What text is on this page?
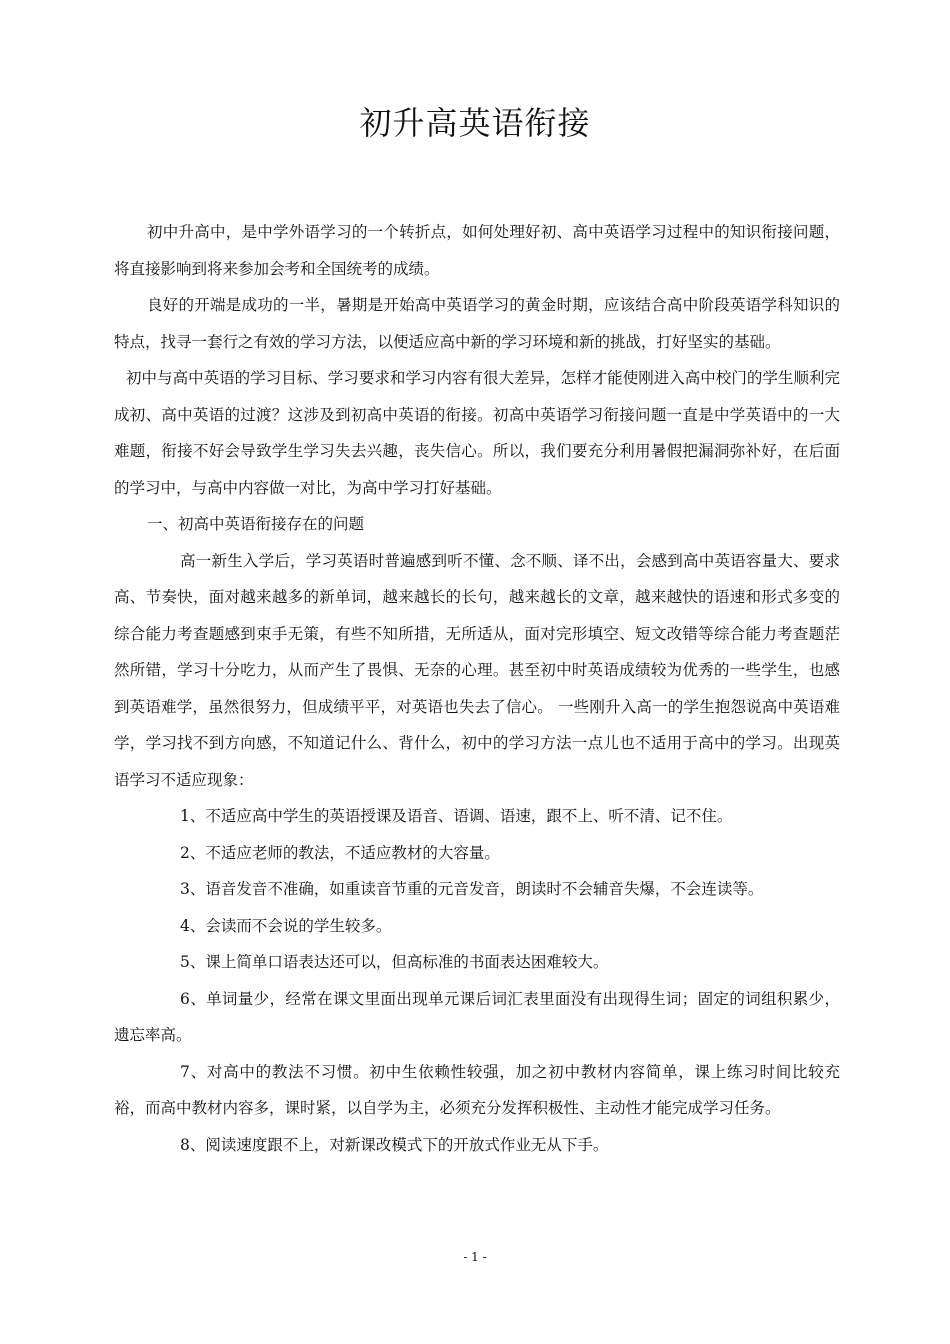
初升高英语衔接

初中升高中，是中学外语学习的一个转折点，如何处理好初、高中英语学习过程中的知识衔接问题，将直接影响到将来参加会考和全国统考的成绩。

良好的开端是成功的一半，暑期是开始高中英语学习的黄金时期，应该结合高中阶段英语学科知识的特点，找寻一套行之有效的学习方法，以便适应高中新的学习环境和新的挑战，打好坚实的基础。

初中与高中英语的学习目标、学习要求和学习内容有很大差异，怎样才能使刚进入高中校门的学生顺利完成初、高中英语的过渡？这涉及到初高中英语的衔接。初高中英语学习衔接问题一直是中学英语中的一大难题，衔接不好会导致学生学习失去兴趣，丧失信心。所以，我们要充分利用暑假把漏洞弥补好，在后面的学习中，与高中内容做一对比，为高中学习打好基础。

一、初高中英语衔接存在的问题

高一新生入学后，学习英语时普遍感到听不懂、念不顺、译不出，会感到高中英语容量大、要求高、节奏快，面对越来越多的新单词，越来越长的长句，越来越长的文章，越来越快的语速和形式多变的综合能力考查题感到束手无策，有些不知所措，无所适从，面对完形填空、短文改错等综合能力考查题茫然所错，学习十分吃力，从而产生了畏惧、无奈的心理。甚至初中时英语成绩较为优秀的一些学生，也感到英语难学，虽然很努力，但成绩平平，对英语也失去了信心。 一些刚升入高一的学生抱怨说高中英语难学，学习找不到方向感，不知道记什么、背什么，初中的学习方法一点儿也不适用于高中的学习。出现英语学习不适应现象：

1、不适应高中学生的英语授课及语音、语调、语速，跟不上、听不清、记不住。

2、不适应老师的教法，不适应教材的大容量。

3、语音发音不准确，如重读音节重的元音发音，朗读时不会辅音失爆，不会连读等。

4、会读而不会说的学生较多。

5、课上简单口语表达还可以，但高标准的书面表达困难较大。

6、单词量少，经常在课文里面出现单元课后词汇表里面没有出现得生词；固定的词组积累少，遗忘率高。

7、对高中的教法不习惯。初中生依赖性较强，加之初中教材内容简单，课上练习时间比较充裕，而高中教材内容多，课时紧，以自学为主，必须充分发挥积极性、主动性才能完成学习任务。

8、阅读速度跟不上，对新课改模式下的开放式作业无从下手。

- 1 -
